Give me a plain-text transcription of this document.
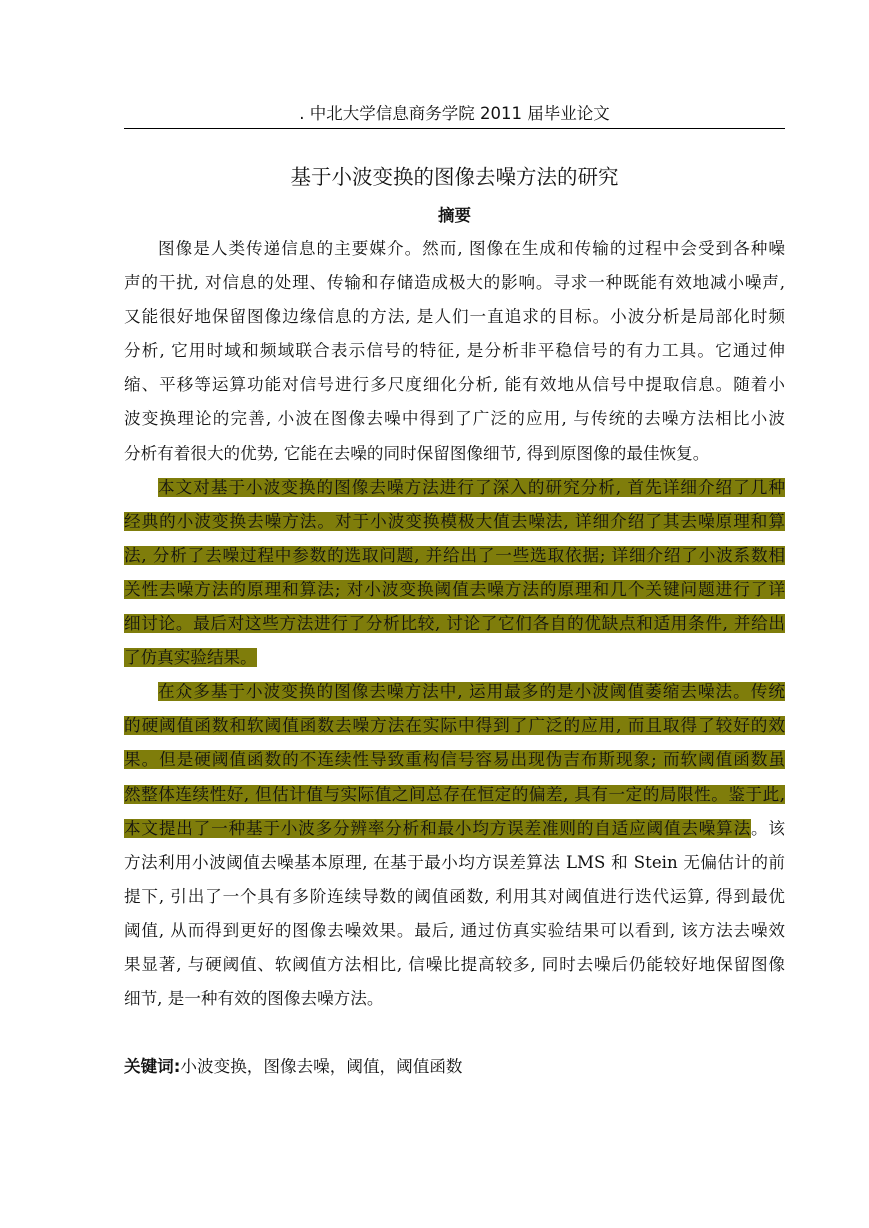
. 中北大学信息商务学院 2011 届毕业论文
基于小波变换的图像去噪方法的研究
摘要
图像是人类传递信息的主要媒介。然而, 图像在生成和传输的过程中会受到各种噪
声的干扰, 对信息的处理、传输和存储造成极大的影响。寻求一种既能有效地减小噪声,
又能很好地保留图像边缘信息的方法, 是人们一直追求的目标。小波分析是局部化时频
分析, 它用时域和频域联合表示信号的特征, 是分析非平稳信号的有力工具。它通过伸
缩、平移等运算功能对信号进行多尺度细化分析, 能有效地从信号中提取信息。随着小
波变换理论的完善, 小波在图像去噪中得到了广泛的应用, 与传统的去噪方法相比小波
分析有着很大的优势, 它能在去噪的同时保留图像细节, 得到原图像的最佳恢复。
本文对基于小波变换的图像去噪方法进行了深入的研究分析, 首先详细介绍了几种
经典的小波变换去噪方法。对于小波变换模极大值去噪法, 详细介绍了其去噪原理和算
法, 分析了去噪过程中参数的选取问题, 并给出了一些选取依据; 详细介绍了小波系数相
关性去噪方法的原理和算法; 对小波变换阈值去噪方法的原理和几个关键问题进行了详
细讨论。最后对这些方法进行了分析比较, 讨论了它们各自的优缺点和适用条件, 并给出
了仿真实验结果。
在众多基于小波变换的图像去噪方法中, 运用最多的是小波阈值萎缩去噪法。传统
的硬阈值函数和软阈值函数去噪方法在实际中得到了广泛的应用, 而且取得了较好的效
果。但是硬阈值函数的不连续性导致重构信号容易出现伪吉布斯现象; 而软阈值函数虽
然整体连续性好, 但估计值与实际值之间总存在恒定的偏差, 具有一定的局限性。鉴于此,
本文提出了一种基于小波多分辨率分析和最小均方误差准则的自适应阈值去噪算法。该
方法利用小波阈值去噪基本原理, 在基于最小均方误差算法 LMS 和 Stein 无偏估计的前
提下, 引出了一个具有多阶连续导数的阈值函数, 利用其对阈值进行迭代运算, 得到最优
阈值, 从而得到更好的图像去噪效果。最后, 通过仿真实验结果可以看到, 该方法去噪效
果显著, 与硬阈值、软阈值方法相比, 信噪比提高较多, 同时去噪后仍能较好地保留图像
细节, 是一种有效的图像去噪方法。
关键词:小波变换，图像去噪，阈值，阈值函数
